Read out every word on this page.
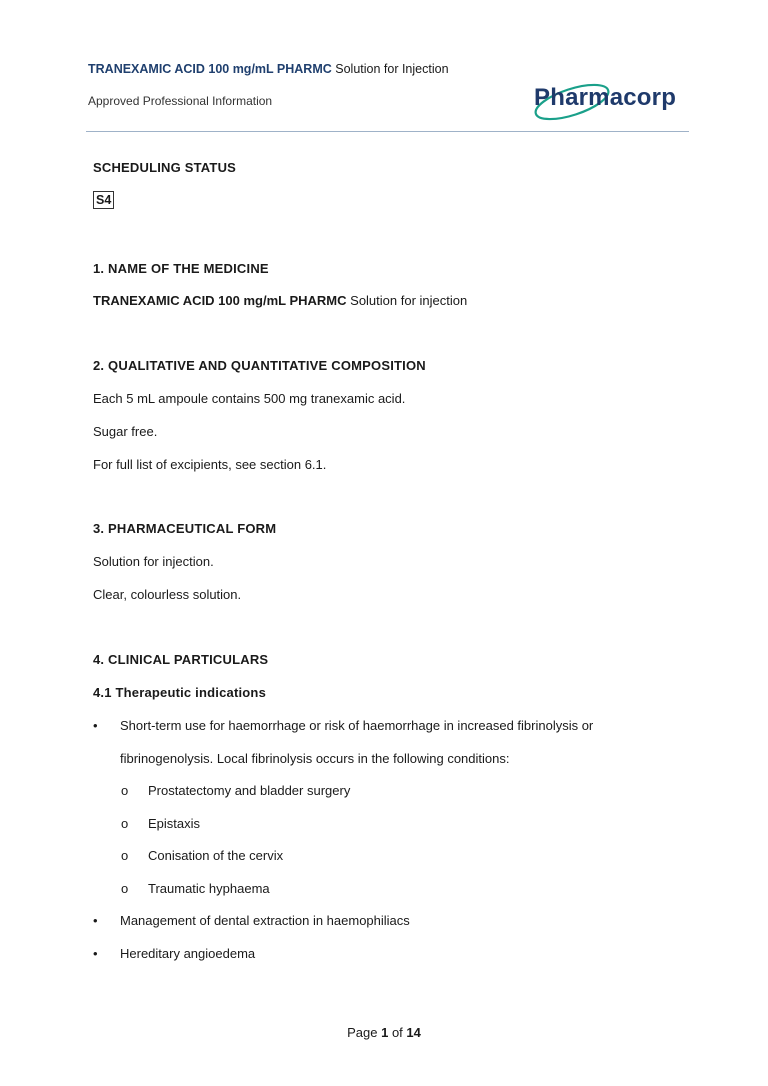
TRANEXAMIC ACID 100 mg/mL PHARMC Solution for Injection
Approved Professional Information	Pharmacorp
SCHEDULING STATUS
S4
1. NAME OF THE MEDICINE
TRANEXAMIC ACID 100 mg/mL PHARMC Solution for injection
2. QUALITATIVE AND QUANTITATIVE COMPOSITION
Each 5 mL ampoule contains 500 mg tranexamic acid.
Sugar free.
For full list of excipients, see section 6.1.
3. PHARMACEUTICAL FORM
Solution for injection.
Clear, colourless solution.
4. CLINICAL PARTICULARS
4.1 Therapeutic indications
• Short-term use for haemorrhage or risk of haemorrhage in increased fibrinolysis or
fibrinogenolysis. Local fibrinolysis occurs in the following conditions:
o Prostatectomy and bladder surgery
o Epistaxis
o Conisation of the cervix
o Traumatic hyphaema
• Management of dental extraction in haemophiliacs
• Hereditary angioedema
Page 1 of 14
